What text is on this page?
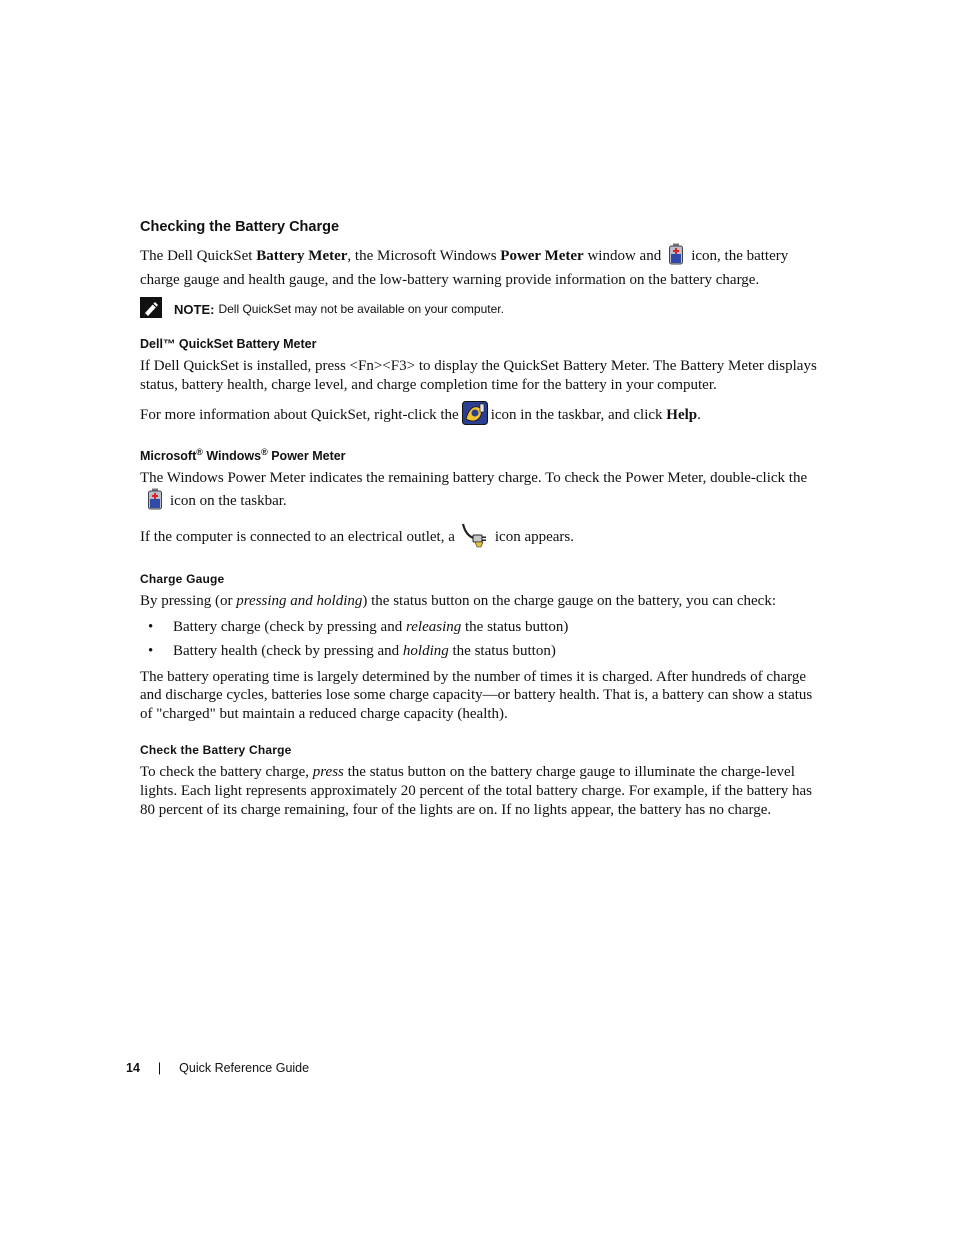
Checking the Battery Charge

The Dell QuickSet Battery Meter, the Microsoft Windows Power Meter window and icon, the battery charge gauge and health gauge, and the low-battery warning provide information on the battery charge.

NOTE: Dell QuickSet may not be available on your computer.
Dell™ QuickSet Battery Meter

If Dell QuickSet is installed, press <Fn><F3> to display the QuickSet Battery Meter. The Battery Meter displays status, battery health, charge level, and charge completion time for the battery in your computer.

For more information about QuickSet, right-click the icon in the taskbar, and click Help.

Microsoft® Windows® Power Meter

The Windows Power Meter indicates the remaining battery charge. To check the Power Meter, double-click theicon on the taskbar.

If the computer is connected to an electrical outlet, a	icon appears.

Charge Gauge

By pressing (or pressing and holding) the status button on the charge gauge on the battery, you can check:

• Battery charge (check by pressing and releasing the status button)
• Battery health (check by pressing and holding the status button)

The battery operating time is largely determined by the number of times it is charged. After hundreds of charge and discharge cycles, batteries lose some charge capacity—or battery health. That is, a battery can show a status of "charged" but maintain a reduced charge capacity (health).

Check the Battery Charge

To check the battery charge, press the status button on the battery charge gauge to illuminate the charge-level lights. Each light represents approximately 20 percent of the total battery charge. For example, if the battery has 80 percent of its charge remaining, four of the lights are on. If no lights appear, the battery has no charge.

14 | Quick Reference Guide
